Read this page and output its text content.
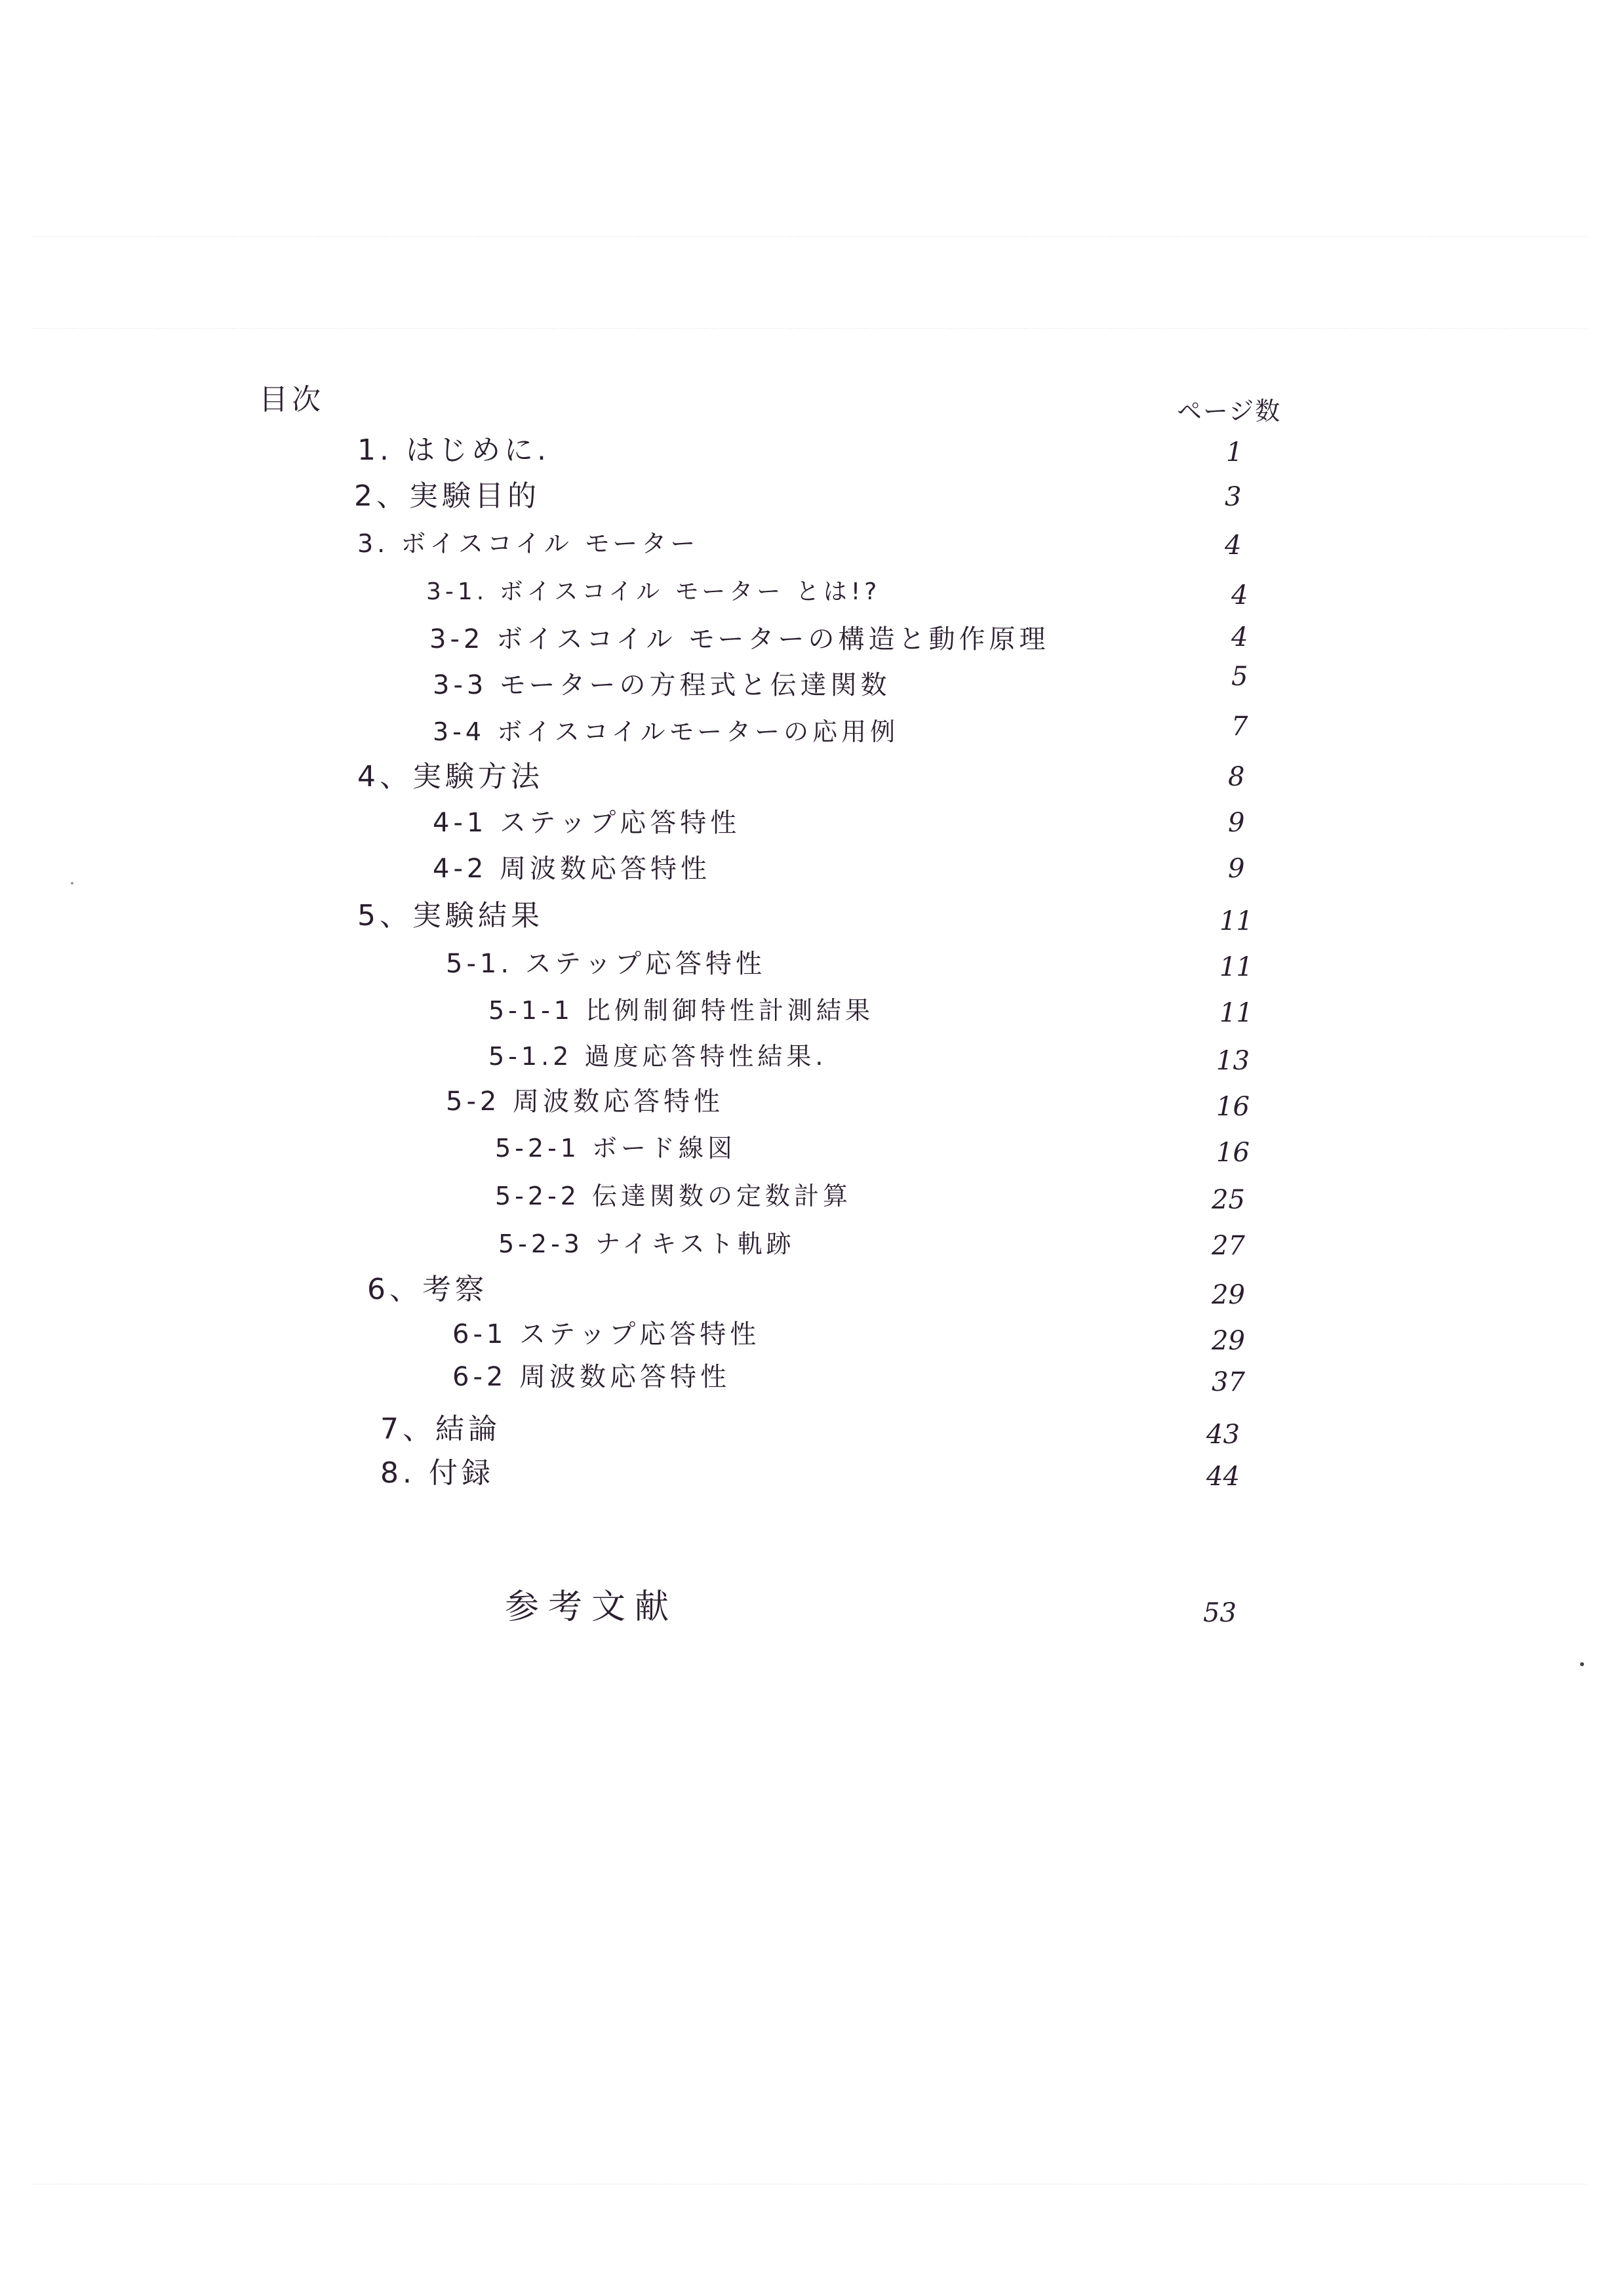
目次	ページ数
1. はじめに.	1
2、実験目的	3
3. ボイスコイル モーター	4
3-1. ボイスコイル モーター とは!?	4
3-2 ボイスコイル モーターの構造と動作原理	4
3-3 モーターの方程式と伝達関数	5
3-4 ボイスコイルモーターの応用例	7
4、実験方法	8
4-1 ステップ応答特性	9
4-2 周波数応答特性	9
5、実験結果	11
5-1. ステップ応答特性	11
5-1-1 比例制御特性計測結果	11
5-1.2 過度応答特性結果.	13
5-2 周波数応答特性	16
5-2-1 ボード線図	16
5-2-2 伝達関数の定数計算	25
5-2-3 ナイキスト軌跡	27
6、考察	29
6-1 ステップ応答特性	29
6-2 周波数応答特性	37
7、結論	43
8. 付録	44
参考文献	53
